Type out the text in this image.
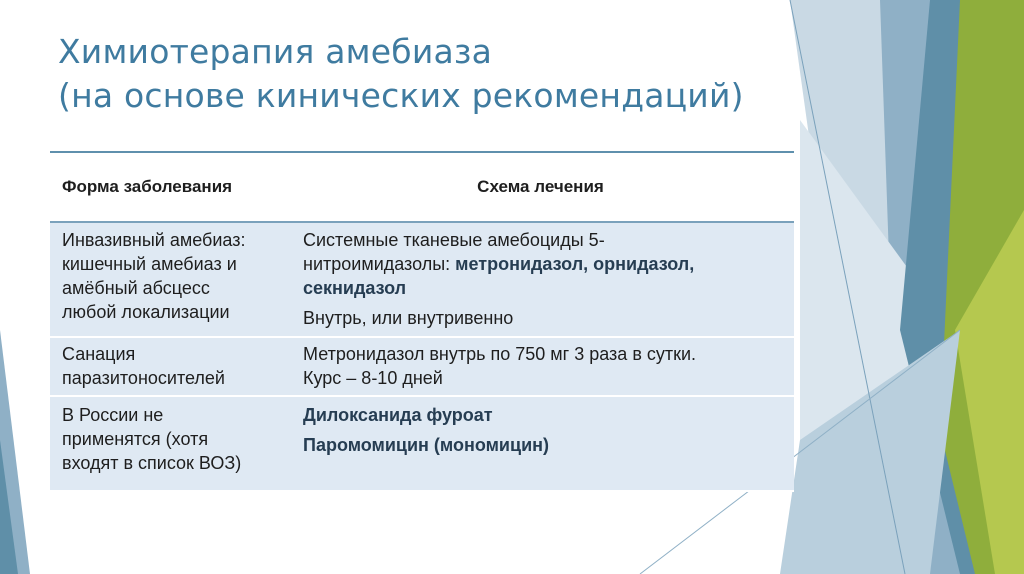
Химиотерапия амебиаза
(на основе кинических рекомендаций)
Форма заболевания	Схема лечения
Инвазивный амебиаз:
кишечный амебиаз и
амёбный абсцесс
любой локализации
Системные тканевые амебоциды 5-
нитроимидазолы: метронидазол, орнидазол,
секнидазол
Внутрь, или внутривенно
Санация
паразитоносителей
Метронидазол внутрь по 750 мг 3 раза в сутки.
Курс – 8-10 дней
В России не
применятся (хотя
входят в список ВОЗ)
Дилоксанида фуроат
Паромомицин (мономицин)
